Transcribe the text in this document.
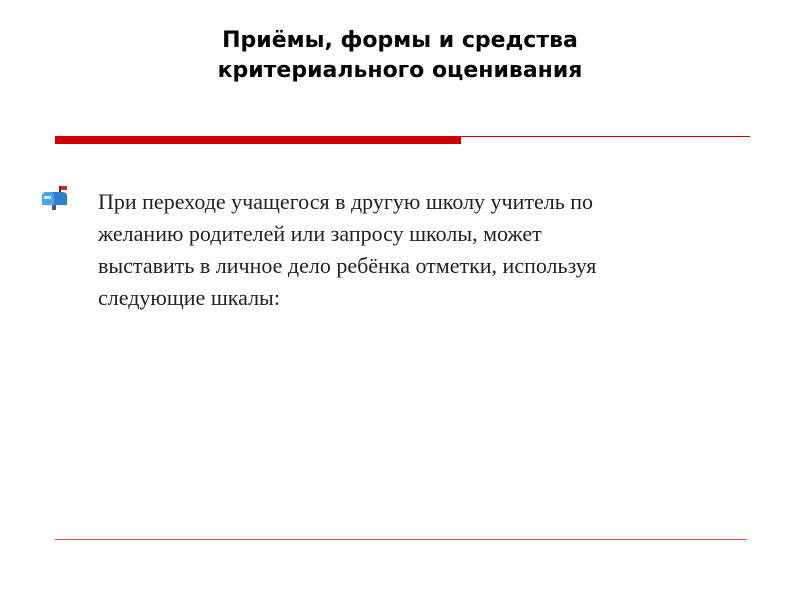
Приёмы, формы и средства
критериального оценивания
При переходе учащегося в другую школу учитель по
желанию родителей или запросу школы, может
выставить в личное дело ребёнка отметки, используя
следующие шкалы:
